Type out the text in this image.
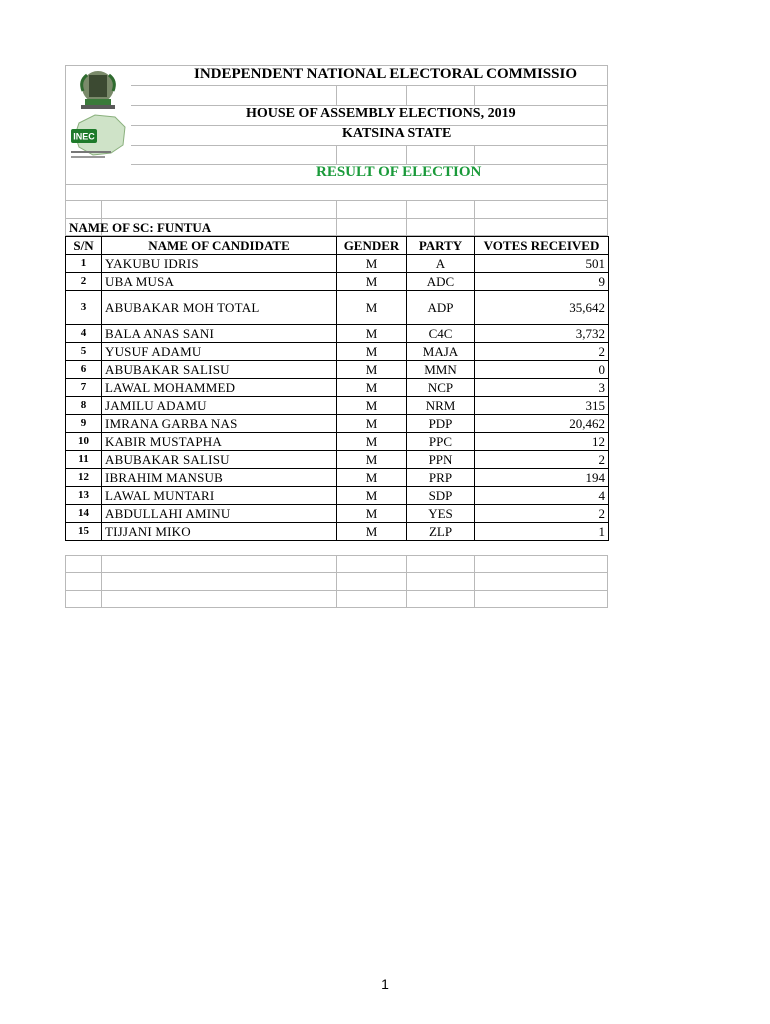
INEC
INDEPENDENT NATIONAL ELECTORAL COMMISSIO
HOUSE OF ASSEMBLY ELECTIONS, 2019
KATSINA STATE
RESULT OF ELECTION
NAME OF SC: FUNTUA
S/N	NAME OF CANDIDATE	GENDER	PARTY	VOTES RECEIVED
1	YAKUBU IDRIS	M	A	501
2	UBA MUSA	M	ADC	9
3	ABUBAKAR MOH TOTAL	M	ADP	35,642
4	BALA ANAS SANI	M	C4C	3,732
5	YUSUF ADAMU	M	MAJA	2
6	ABUBAKAR SALISU	M	MMN	0
7	LAWAL MOHAMMED	M	NCP	3
8	JAMILU ADAMU	M	NRM	315
9	IMRANA GARBA NAS	M	PDP	20,462
10	KABIR MUSTAPHA	M	PPC	12
11	ABUBAKAR SALISU	M	PPN	2
12	IBRAHIM MANSUB	M	PRP	194
13	LAWAL MUNTARI	M	SDP	4
14	ABDULLAHI AMINU	M	YES	2
15	TIJJANI MIKO	M	ZLP	1
1
